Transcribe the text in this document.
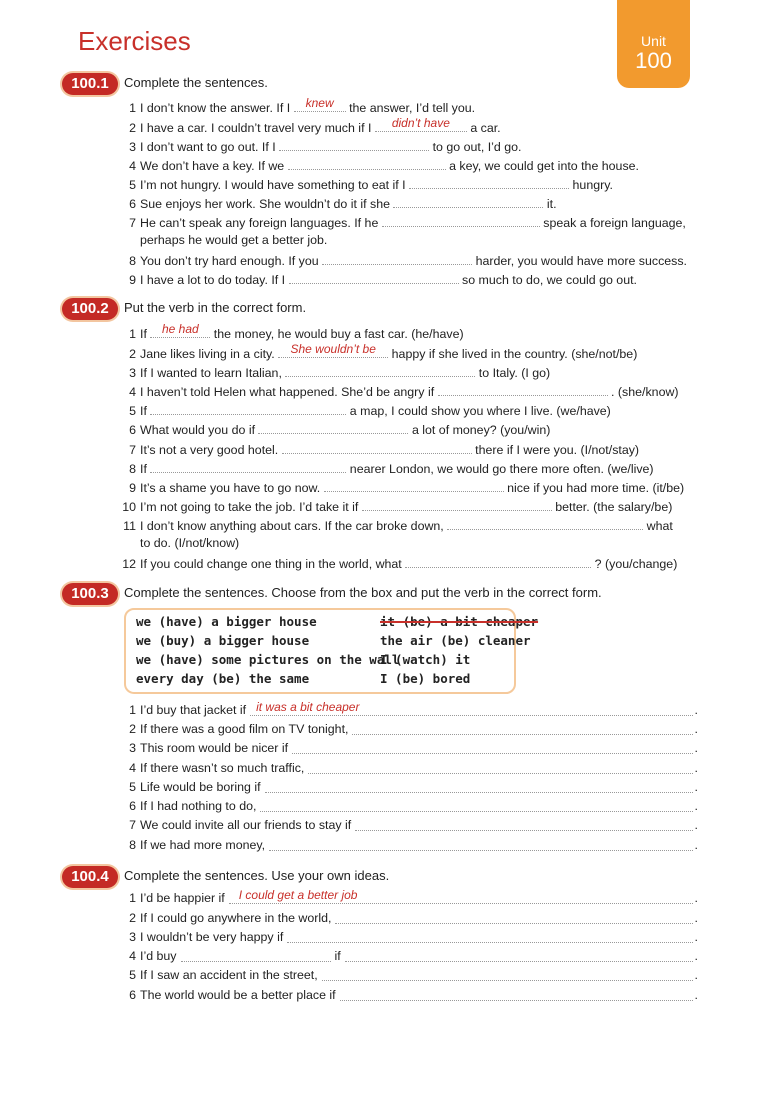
Exercises	Unit
100
100.1	Complete the sentences.
1 I don’t know the answer. If I	knew	the answer, I’d tell you.
2 I have a car. I couldn’t travel very much if I	didn’t have	a car.
3 I don’t want to go out. If I	to go out, I’d go.
4 We don’t have a key. If we	a key, we could get into the house.
5 I’m not hungry. I would have something to eat if I	hungry.
6 Sue enjoys her work. She wouldn’t do it if she	it.
7 He can’t speak any foreign languages. If he	speak a foreign language,
perhaps he would get a better job.
8 You don’t try hard enough. If you	harder, you would have more success.
9 I have a lot to do today. If I	so much to do, we could go out.
100.2	Put the verb in the correct form.
1 If	he had	the money, he would buy a fast car. (he/have)
2 Jane likes living in a city.	She wouldn’t be	happy if she lived in the country. (she/not/be)
3 If I wanted to learn Italian,	to Italy. (I go)
4 I haven’t told Helen what happened. She’d be angry if	. (she/know)
5 If	a map, I could show you where I live. (we/have)
6 What would you do if	a lot of money? (you/win)
7 It’s not a very good hotel.	there if I were you. (I/not/stay)
8 If	nearer London, we would go there more often. (we/live)
9 It’s a shame you have to go now.	nice if you had more time. (it/be)
10 I’m not going to take the job. I’d take it if	better. (the salary/be)
11 I don’t know anything about cars. If the car broke down,	what
to do. (I/not/know)
12 If you could change one thing in the world, what	? (you/change)
100.3	Complete the sentences. Choose from the box and put the verb in the correct form.
we (have) a bigger house
we (buy) a bigger house
we (have) some pictures on the wall
every day (be) the same
it (be) a bit cheaper
the air (be) cleaner
I (watch) it
I (be) bored
1 I’d buy that jacket if it was a bit cheaper	.
2 If there was a good film on TV tonight,	.
3 This room would be nicer if	.
4 If there wasn’t so much traffic,	.
5 Life would be boring if	.
6 If I had nothing to do,	.
7 We could invite all our friends to stay if	.
8 If we had more money,	.
100.4	Complete the sentences. Use your own ideas.
1 I’d be happier if I could get a better job	.
2 If I could go anywhere in the world,	.
3 I wouldn’t be very happy if	.
4 I’d buy	if	.
5 If I saw an accident in the street,	.
6 The world would be a better place if	.
